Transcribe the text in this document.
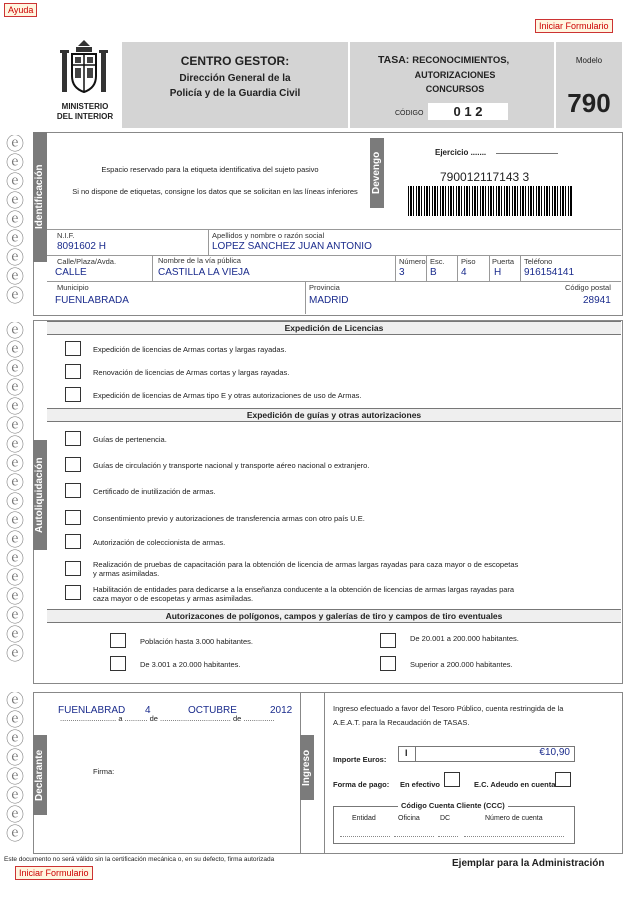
Ayuda
Iniciar Formulario
MINISTERIO
DEL INTERIOR
CENTRO GESTOR:
Dirección General de la
Policía y de la Guardia Civil
TASA: RECONOCIMIENTOS,
AUTORIZACIONES
CONCURSOS
CÓDIGO	0 1 2
Modelo
790
ⓔ
ⓔ
ⓔ
ⓔ
ⓔ
ⓔ
ⓔ
ⓔ
ⓔ
ⓔ
ⓔ
ⓔ
ⓔ
ⓔ
ⓔ
ⓔ
ⓔ
ⓔ
ⓔ
ⓔ
ⓔ
ⓔ
ⓔ
ⓔ
ⓔ
ⓔ
ⓔ
ⓔ
ⓔ
ⓔ
ⓔ
ⓔ
ⓔ
ⓔ
ⓔ
Identificación	Espacio reservado para la etiqueta identificativa del sujeto pasivo
Si no dispone de etiquetas, consigne los datos que se solicitan en las líneas inferiores	Devengo	Ejercicio .......
790012117143 3
N.I.F.
8091602 H
Apellidos y nombre o razón social
LOPEZ SANCHEZ JUAN ANTONIO
Calle/Plaza/Avda.
CALLE
Nombre de la vía pública
CASTILLA LA VIEJA
Número
3
Esc.
B
Piso
4
Puerta
H
Teléfono
916154141
Municipio
FUENLABRADA
Provincia
MADRID
Código postal
28941
Autoliquidación
Expedición de Licencias
Expedición de licencias de Armas cortas y largas rayadas.
Renovación de licencias de Armas cortas y largas rayadas.
Expedición de licencias de Armas tipo E y otras autorizaciones de uso de Armas.
Expedición de guías y otras autorizaciones
Guías de pertenencia.
Guías de circulación y transporte nacional y transporte aéreo nacional o extranjero.
Certificado de inutilización de armas.
Consentimiento previo y autorizaciones de transferencia armas con otro país U.E.
Autorización de coleccionista de armas.
Realización de pruebas de capacitación para la obtención de licencia de armas largas rayadas para caza mayor o de escopetas
y armas asimiladas.
Habilitación de entidades para dedicarse a la enseñanza conducente a la obtención de licencias de armas largas rayadas para
caza mayor o de escopetas y armas asimiladas.
Autorizacones de polígonos, campos y galerías de tiro y campos de tiro eventuales
Población hasta 3.000 habitantes.
De 3.001 a 20.000 habitantes.
De 20.001 a 200.000 habitantes.
Superior a 200.000 habitantes.
Declarante
FUENLABRAD 4	OCTUBRE	2012
........................... a ........... de .................................. de ...............
Firma:	Ingreso
Ingreso efectuado a favor del Tesoro Público, cuenta restringida de la
A.E.A.T. para la Recaudación de TASAS.
Importe Euros:
I	€10,90
Forma de pago: En efectivo	E.C. Adeudo en cuenta
Código Cuenta Cliente (CCC)
Entidad	Oficina	DC	Número de cuenta
Este documento no será válido sin la certificación mecánica o, en su defecto, firma autorizada	Ejemplar para la Administración
Iniciar Formulario
